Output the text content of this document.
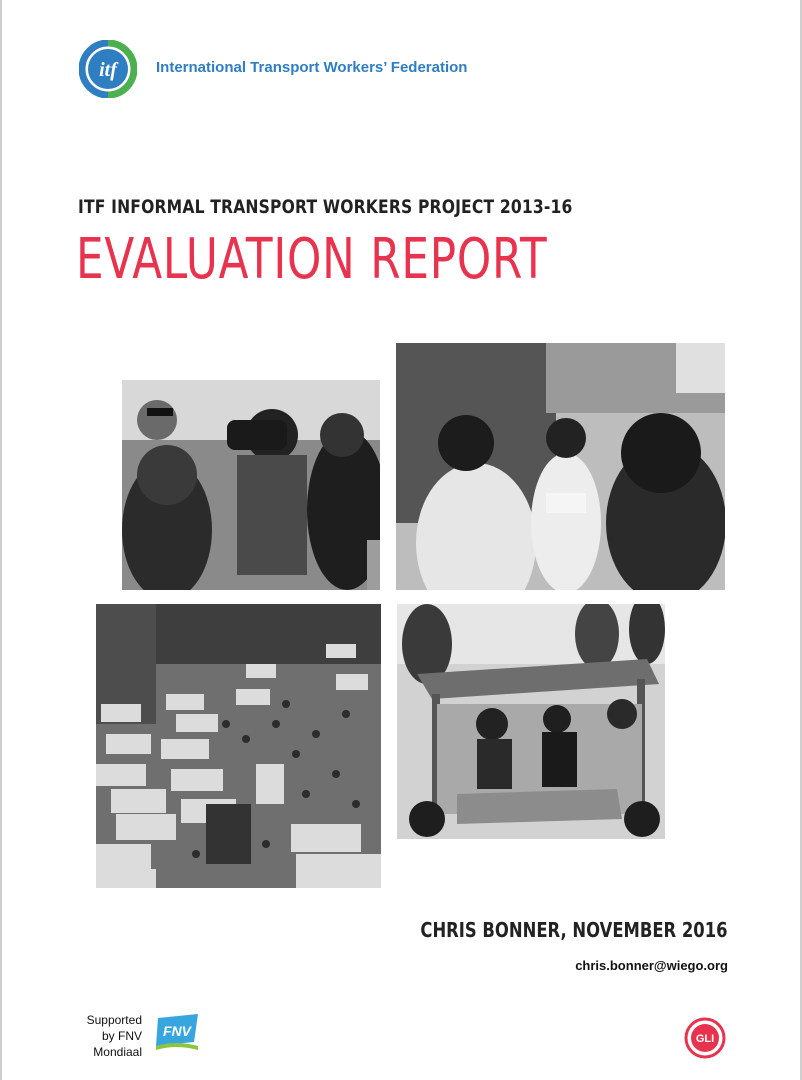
itf	International Transport Workers’ Federation
ITF INFORMAL TRANSPORT WORKERS PROJECT 2013-16
EVALUATION REPORT
CHRIS BONNER, NOVEMBER 2016
chris.bonner@wiego.org
Supported
by FNV
Mondiaal
FNV	GLI
